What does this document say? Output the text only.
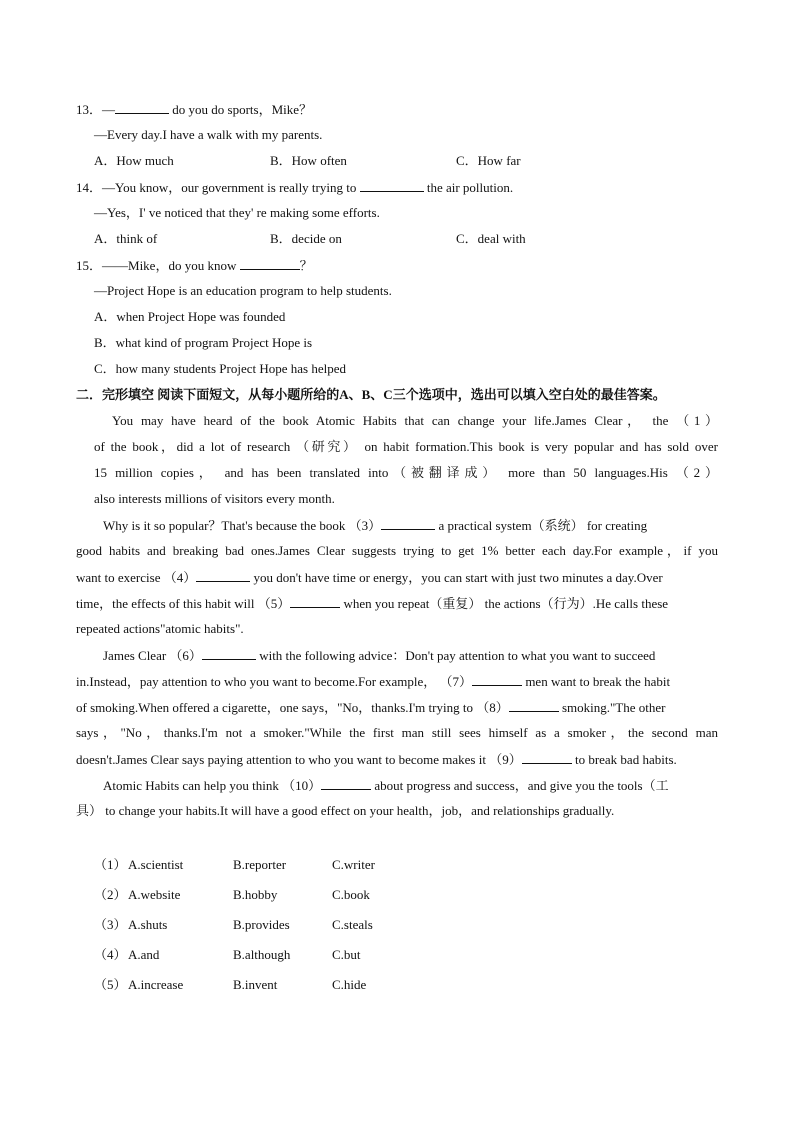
13．—	do you do sports，Mike？
—Every day.I have a walk with my parents.
A．How much	B．How often	C．How far
14．—You know，our government is really trying to	the air pollution.
—Yes，I' ve noticed that they' re making some efforts.
A．think of	B．decide on	C．deal with
15．——Mike，do you know	？
—Project Hope is an education program to help students.
A．when Project Hope was founded
B．what kind of program Project Hope is
C．how many students Project Hope has helped
二．完形填空 阅读下面短文，从每小题所给的A、B、C三个选项中，选出可以填入空白处的最佳答案。
You may have heard of the book Atomic Habits that can change your life.James Clear， the （1）
of the book，did a lot of research （研究） on habit formation.This book is very popular and has sold over
15 million copies， and has been translated into（被翻译成） more than 50 languages.His （2）
also interests millions of visitors every month.
Why is it so popular？That's because the book （3）	a practical system（系统） for creating
good habits and breaking bad ones.James Clear suggests trying to get 1% better each day.For example，if you
want to exercise （4）	you don't have time or energy，you can start with just two minutes a day.Over
time，the effects of this habit will （5）	when you repeat（重复） the actions（行为）.He calls these
repeated actions"atomic habits".
James Clear （6）	with the following advice：Don't pay attention to what you want to succeed
in.Instead，pay attention to who you want to become.For example， （7）	men want to break the habit
of smoking.When offered a cigarette，one says，"No，thanks.I'm trying to （8）	smoking."The other
says，"No，thanks.I'm not a smoker."While the first man still sees himself as a smoker，the second man
doesn't.James Clear says paying attention to who you want to become makes it （9）	to break bad habits.
Atomic Habits can help you think （10）	about progress and success，and give you the tools（工
具） to change your habits.It will have a good effect on your health，job，and relationships gradually.
（1） A.scientist	B.reporter	C.writer
（2） A.website	B.hobby	C.book
（3） A.shuts	B.provides	C.steals
（4） A.and	B.although	C.but
（5） A.increase	B.invent	C.hide
